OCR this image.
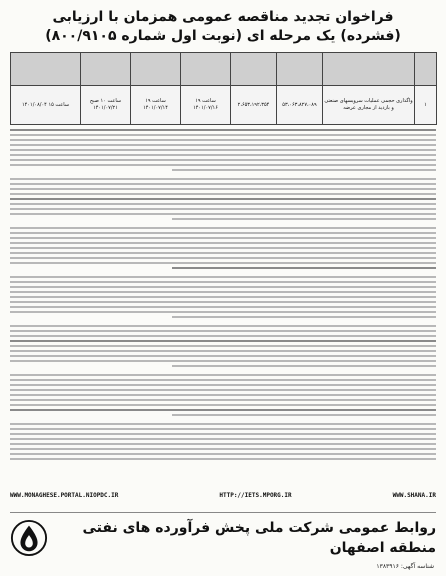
فراخوان تجدید مناقصه عمومی همزمان با ارزیابی
(فشرده) یک مرحله ای (نوبت اول شماره ۸۰۰/۹۱۰۵)

۱	واگذاری حجمی عملیات سرویسهای صنعتی و بازدید از مجاری عرضه	۵۳،۰۶۳،۸۲۷،۰۸۹	۲،۶۵۳،۱۹۲،۳۵۴	ساعت ۱۹ ۱۴۰۱/۰۷/۱۶	ساعت ۱۹ ۱۴۰۱/۰۷/۱۴	ساعت ۱۰ صبح ۱۴۰۱/۰۷/۲۱	ساعت ۱۵ ۱۴۰۱/۰۸/۰۴
WWW.MONAGHESE.PORTAL.NIOPDC.IR	HTTP://IETS.MPORG.IR	WWW.SHANA.IR
روابط عمومی شرکت ملی پخش فرآورده های نفتی
منطقه اصفهان
شناسه آگهی: ۱۳۸۳۹۱۶
